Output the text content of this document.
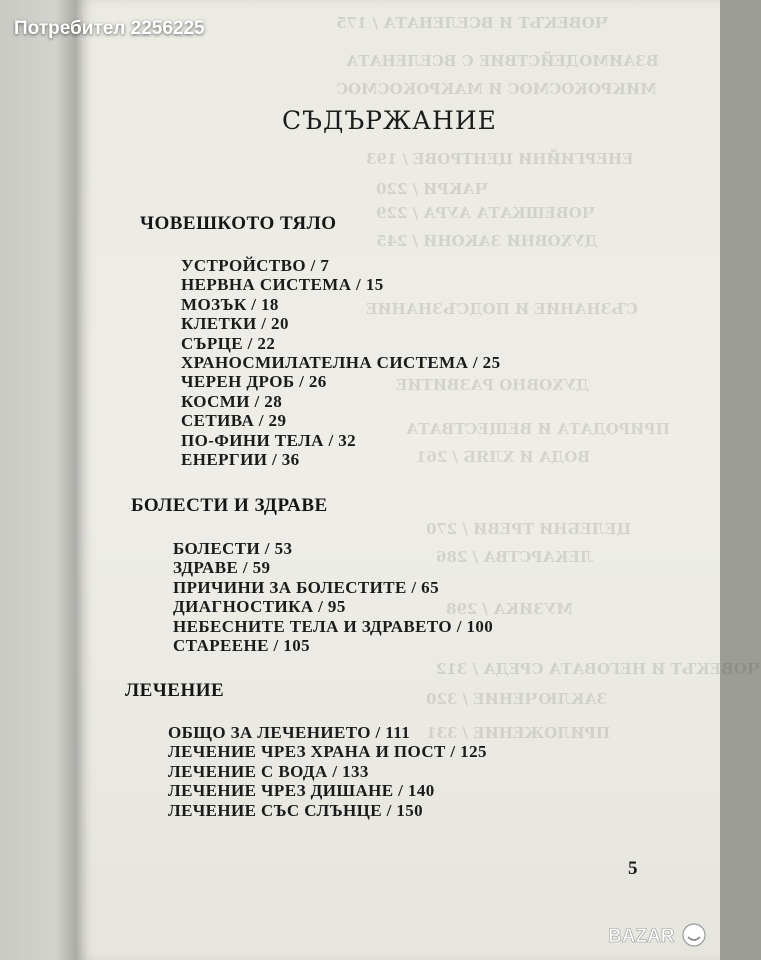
ЧОВЕКЪТ И ВСЕЛЕНАТА / 175
ВЗАИМОДЕЙСТВИЕ С ВСЕЛЕНАТА
МИКРОКОСМОС И МАКРОКОСМОС
ЕНЕРГИЙНИ ЦЕНТРОВЕ / 193
ЧАКРИ / 220
ЧОВЕШКАТА АУРА / 229
ДУХОВНИ ЗАКОНИ / 245
СЪЗНАНИЕ И ПОДСЪЗНАНИЕ
ДУХОВНО РАЗВИТИЕ
ПРИРОДАТА И ВЕЩЕСТВАТА
ВОДА И ХЛЯБ / 261
ЦЕЛЕБНИ ТРЕВИ / 270
ЛЕКАРСТВА / 286
МУЗИКА / 298
ЧОВЕКЪТ И НЕГОВАТА СРЕДА / 312
ЗАКЛЮЧЕНИЕ / 320
ПРИЛОЖЕНИЕ / 331
Потребител 2256225
СЪДЪРЖАНИЕ
ЧОВЕШКОТО ТЯЛО
УСТРОЙСТВО / 7
НЕРВНА СИСТЕМА / 15
МОЗЪК / 18
КЛЕТКИ / 20
СЪРЦЕ / 22
ХРАНОСМИЛАТЕЛНА СИСТЕМА / 25
ЧЕРЕН ДРОБ / 26
КОСМИ / 28
СЕТИВА / 29
ПО-ФИНИ ТЕЛА / 32
ЕНЕРГИИ / 36
БОЛЕСТИ И ЗДРАВЕ
БОЛЕСТИ / 53
ЗДРАВЕ / 59
ПРИЧИНИ ЗА БОЛЕСТИТЕ / 65
ДИАГНОСТИКА / 95
НЕБЕСНИТЕ ТЕЛА И ЗДРАВЕТО / 100
СТАРЕЕНЕ / 105
ЛЕЧЕНИЕ
ОБЩО ЗА ЛЕЧЕНИЕТО / 111
ЛЕЧЕНИЕ ЧРЕЗ ХРАНА И ПОСТ / 125
ЛЕЧЕНИЕ С ВОДА / 133
ЛЕЧЕНИЕ ЧРЕЗ ДИШАНЕ / 140
ЛЕЧЕНИЕ СЪС СЛЪНЦЕ / 150
5
BAZAR
